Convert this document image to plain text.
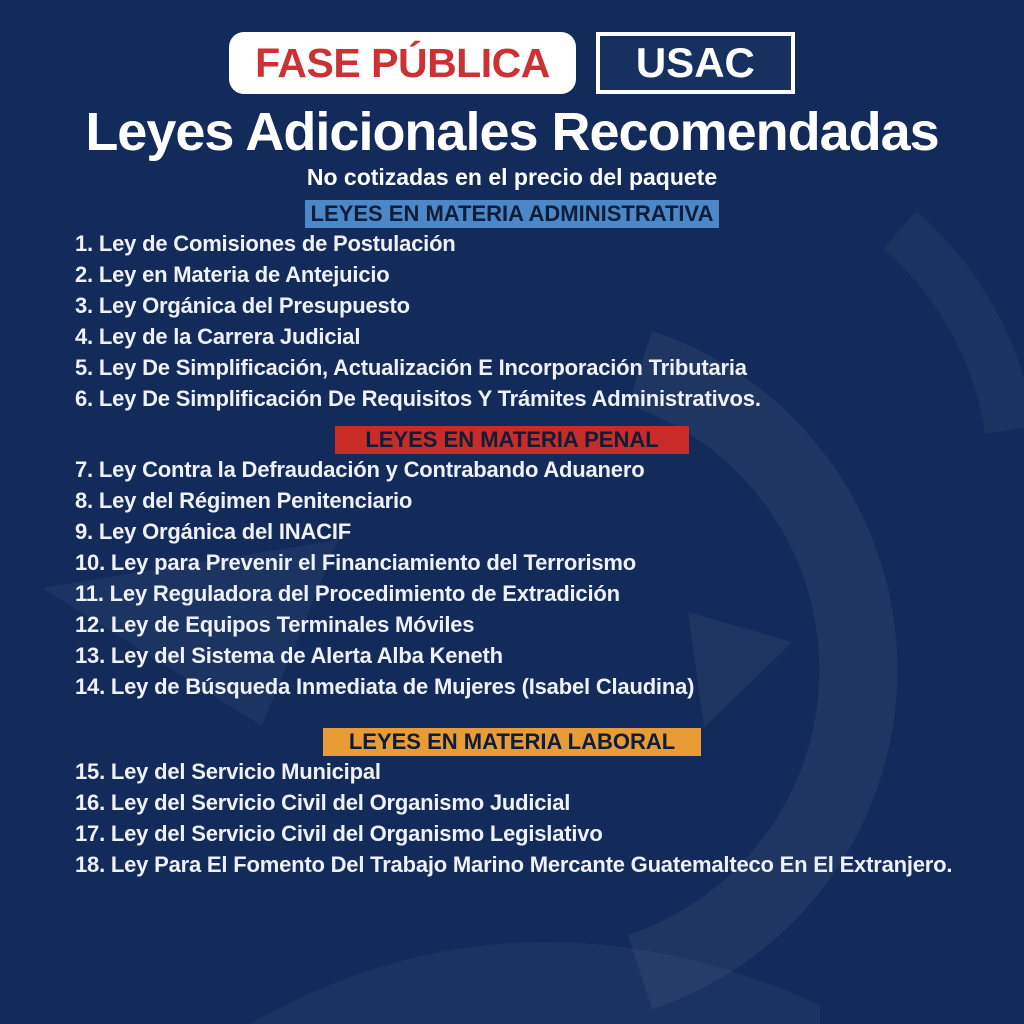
FASE PÚBLICA USAC
Leyes Adicionales Recomendadas
No cotizadas en el precio del paquete
LEYES EN MATERIA ADMINISTRATIVA
1. Ley de Comisiones de Postulación
2. Ley en Materia de Antejuicio
3. Ley Orgánica del Presupuesto
4. Ley de la Carrera Judicial
5. Ley De Simplificación, Actualización E Incorporación Tributaria
6. Ley De Simplificación De Requisitos Y Trámites Administrativos.
LEYES EN MATERIA PENAL
7. Ley Contra la Defraudación y Contrabando Aduanero
8. Ley del Régimen Penitenciario
9. Ley Orgánica del INACIF
10. Ley para Prevenir el Financiamiento del Terrorismo
11. Ley Reguladora del Procedimiento de Extradición
12. Ley de Equipos Terminales Móviles
13. Ley del Sistema de Alerta Alba Keneth
14. Ley de Búsqueda Inmediata de Mujeres (Isabel Claudina)
LEYES EN MATERIA LABORAL
15. Ley del Servicio Municipal
16. Ley del Servicio Civil del Organismo Judicial
17. Ley del Servicio Civil del Organismo Legislativo
18. Ley Para El Fomento Del Trabajo Marino Mercante Guatemalteco En El Extranjero.
